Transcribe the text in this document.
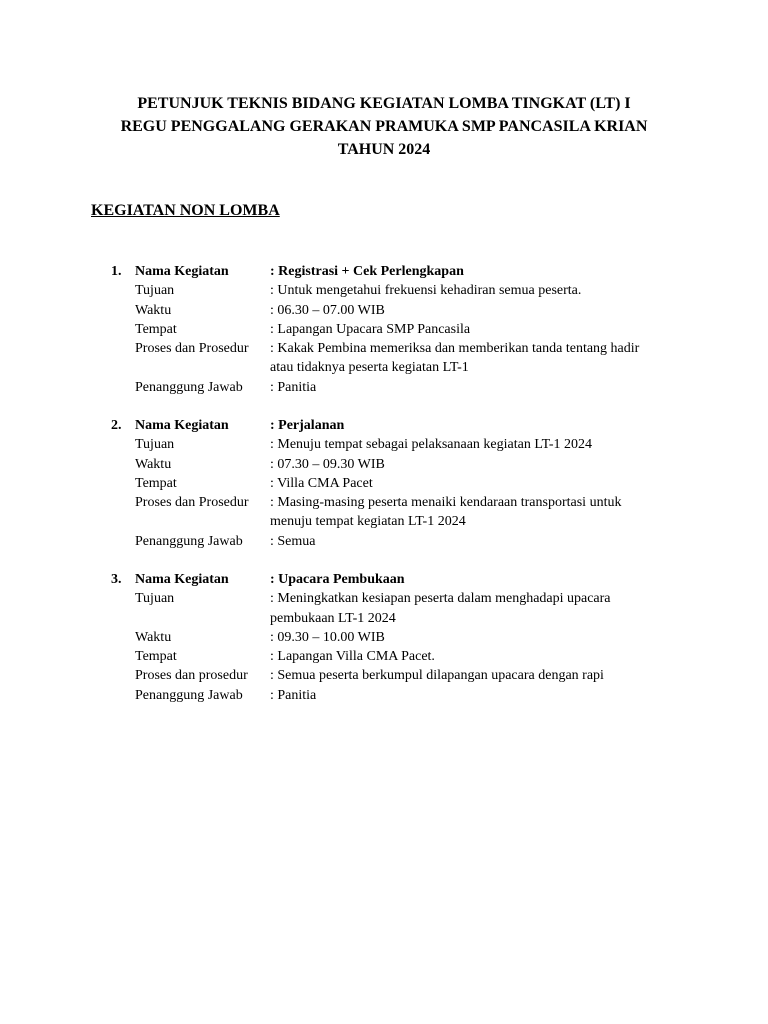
PETUNJUK TEKNIS BIDANG KEGIATAN LOMBA TINGKAT (LT) I
REGU PENGGALANG GERAKAN PRAMUKA SMP PANCASILA KRIAN
TAHUN 2024
KEGIATAN NON LOMBA
1. Nama Kegiatan	: Registrasi + Cek Perlengkapan
Tujuan	: Untuk mengetahui frekuensi kehadiran semua peserta.
Waktu	: 06.30 – 07.00 WIB
Tempat	: Lapangan Upacara SMP Pancasila
Proses dan Prosedur : Kakak Pembina memeriksa dan memberikan tanda tentang hadir
atau tidaknya peserta kegiatan LT-1
Penanggung Jawab : Panitia
2. Nama Kegiatan	: Perjalanan
Tujuan	: Menuju tempat sebagai pelaksanaan kegiatan LT-1 2024
Waktu	: 07.30 – 09.30 WIB
Tempat	: Villa CMA Pacet
Proses dan Prosedur : Masing-masing peserta menaiki kendaraan transportasi untuk
menuju tempat kegiatan LT-1 2024
Penanggung Jawab : Semua
3. Nama Kegiatan	: Upacara Pembukaan
Tujuan	: Meningkatkan kesiapan peserta dalam menghadapi upacara
pembukaan LT-1 2024
Waktu	: 09.30 – 10.00 WIB
Tempat	: Lapangan Villa CMA Pacet.
Proses dan prosedur : Semua peserta berkumpul dilapangan upacara dengan rapi
Penanggung Jawab : Panitia
